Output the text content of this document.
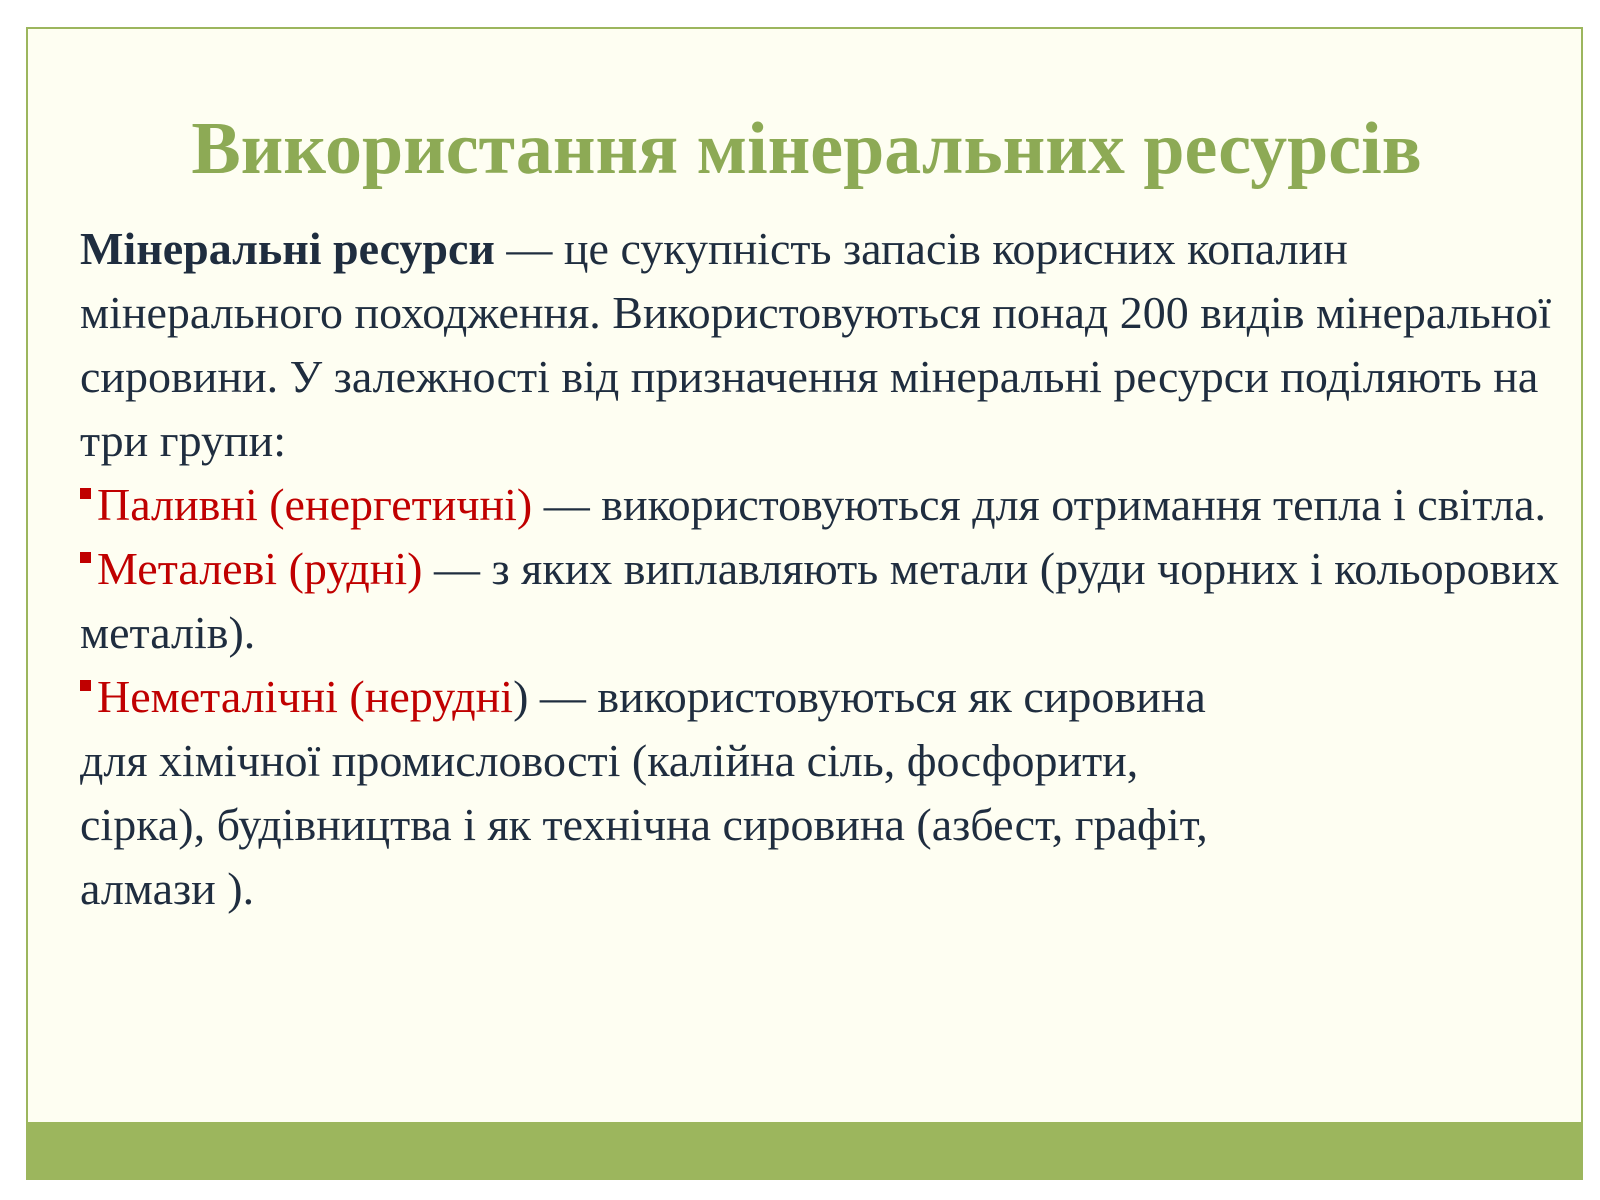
Використання мінеральних ресурсів

Мінеральні ресурси — це сукупність запасів корисних копалин мінерального походження. Використовуються понад 200 видів мінеральної сировини. У залежності від призначення мінеральні ресурси поділяють на три групи:

Паливні (енергетичні) — використовуються для отримання тепла і світла.

Металеві (рудні) — з яких виплавляють метали (руди чорних і кольорових металів).

Неметалічні (нерудні) — використовуються як сировина для хімічної промисловості (калійна сіль, фосфорити, сірка), будівництва і як технічна сировина (азбест, графіт, алмази ).
